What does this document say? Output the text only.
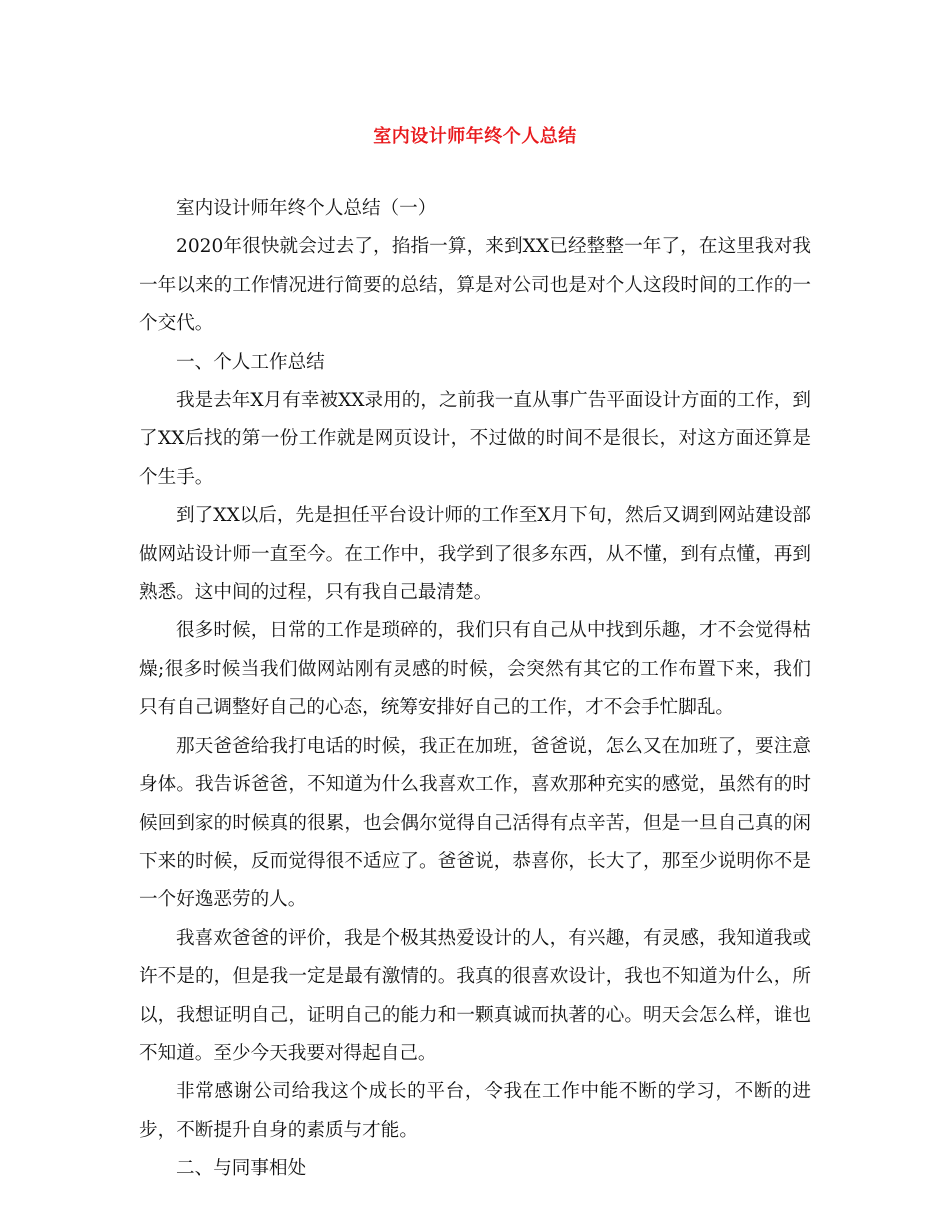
室内设计师年终个人总结

室内设计师年终个人总结（一）

2020年很快就会过去了，掐指一算，来到XX已经整整一年了，在这里我对我一年以来的工作情况进行简要的总结，算是对公司也是对个人这段时间的工作的一个交代。

一、个人工作总结

我是去年X月有幸被XX录用的，之前我一直从事广告平面设计方面的工作，到了XX后找的第一份工作就是网页设计，不过做的时间不是很长，对这方面还算是个生手。

到了XX以后，先是担任平台设计师的工作至X月下旬，然后又调到网站建设部做网站设计师一直至今。在工作中，我学到了很多东西，从不懂，到有点懂，再到熟悉。这中间的过程，只有我自己最清楚。

很多时候，日常的工作是琐碎的，我们只有自己从中找到乐趣，才不会觉得枯燥;很多时候当我们做网站刚有灵感的时候，会突然有其它的工作布置下来，我们只有自己调整好自己的心态，统筹安排好自己的工作，才不会手忙脚乱。

那天爸爸给我打电话的时候，我正在加班，爸爸说，怎么又在加班了，要注意身体。我告诉爸爸，不知道为什么我喜欢工作，喜欢那种充实的感觉，虽然有的时候回到家的时候真的很累，也会偶尔觉得自己活得有点辛苦，但是一旦自己真的闲下来的时候，反而觉得很不适应了。爸爸说，恭喜你，长大了，那至少说明你不是一个好逸恶劳的人。

我喜欢爸爸的评价，我是个极其热爱设计的人，有兴趣，有灵感，我知道我或许不是的，但是我一定是最有激情的。我真的很喜欢设计，我也不知道为什么，所以，我想证明自己，证明自己的能力和一颗真诚而执著的心。明天会怎么样，谁也不知道。至少今天我要对得起自己。

非常感谢公司给我这个成长的平台，令我在工作中能不断的学习，不断的进步，不断提升自身的素质与才能。

二、与同事相处
